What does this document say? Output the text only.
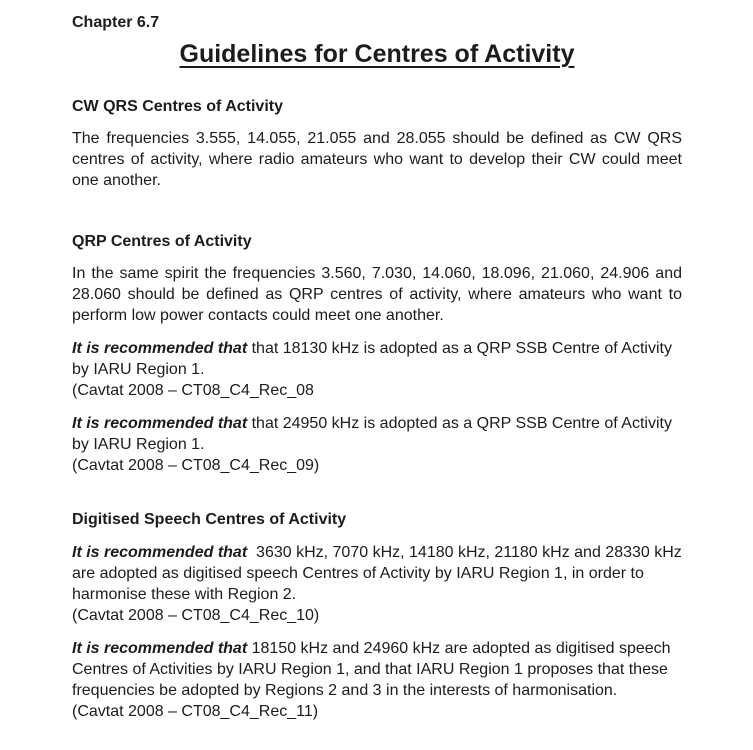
Chapter 6.7
Guidelines for Centres of Activity
CW QRS Centres of Activity

The frequencies 3.555, 14.055, 21.055 and 28.055 should be defined as CW QRS centres of activity, where radio amateurs who want to develop their CW could meet one another.

QRP Centres of Activity

In the same spirit the frequencies 3.560, 7.030, 14.060, 18.096, 21.060, 24.906 and 28.060 should be defined as QRP centres of activity, where amateurs who want to perform low power contacts could meet one another.

It is recommended that that 18130 kHz is adopted as a QRP SSB Centre of Activity by IARU Region 1.
(Cavtat 2008 – CT08_C4_Rec_08

It is recommended that that 24950 kHz is adopted as a QRP SSB Centre of Activity by IARU Region 1.
(Cavtat 2008 – CT08_C4_Rec_09)

Digitised Speech Centres of Activity

It is recommended that  3630 kHz, 7070 kHz, 14180 kHz, 21180 kHz and 28330 kHz are adopted as digitised speech Centres of Activity by IARU Region 1, in order to harmonise these with Region 2.
(Cavtat 2008 – CT08_C4_Rec_10)

It is recommended that 18150 kHz and 24960 kHz are adopted as digitised speech Centres of Activities by IARU Region 1, and that IARU Region 1 proposes that these frequencies be adopted by Regions 2 and 3 in the interests of harmonisation.
(Cavtat 2008 – CT08_C4_Rec_11)
